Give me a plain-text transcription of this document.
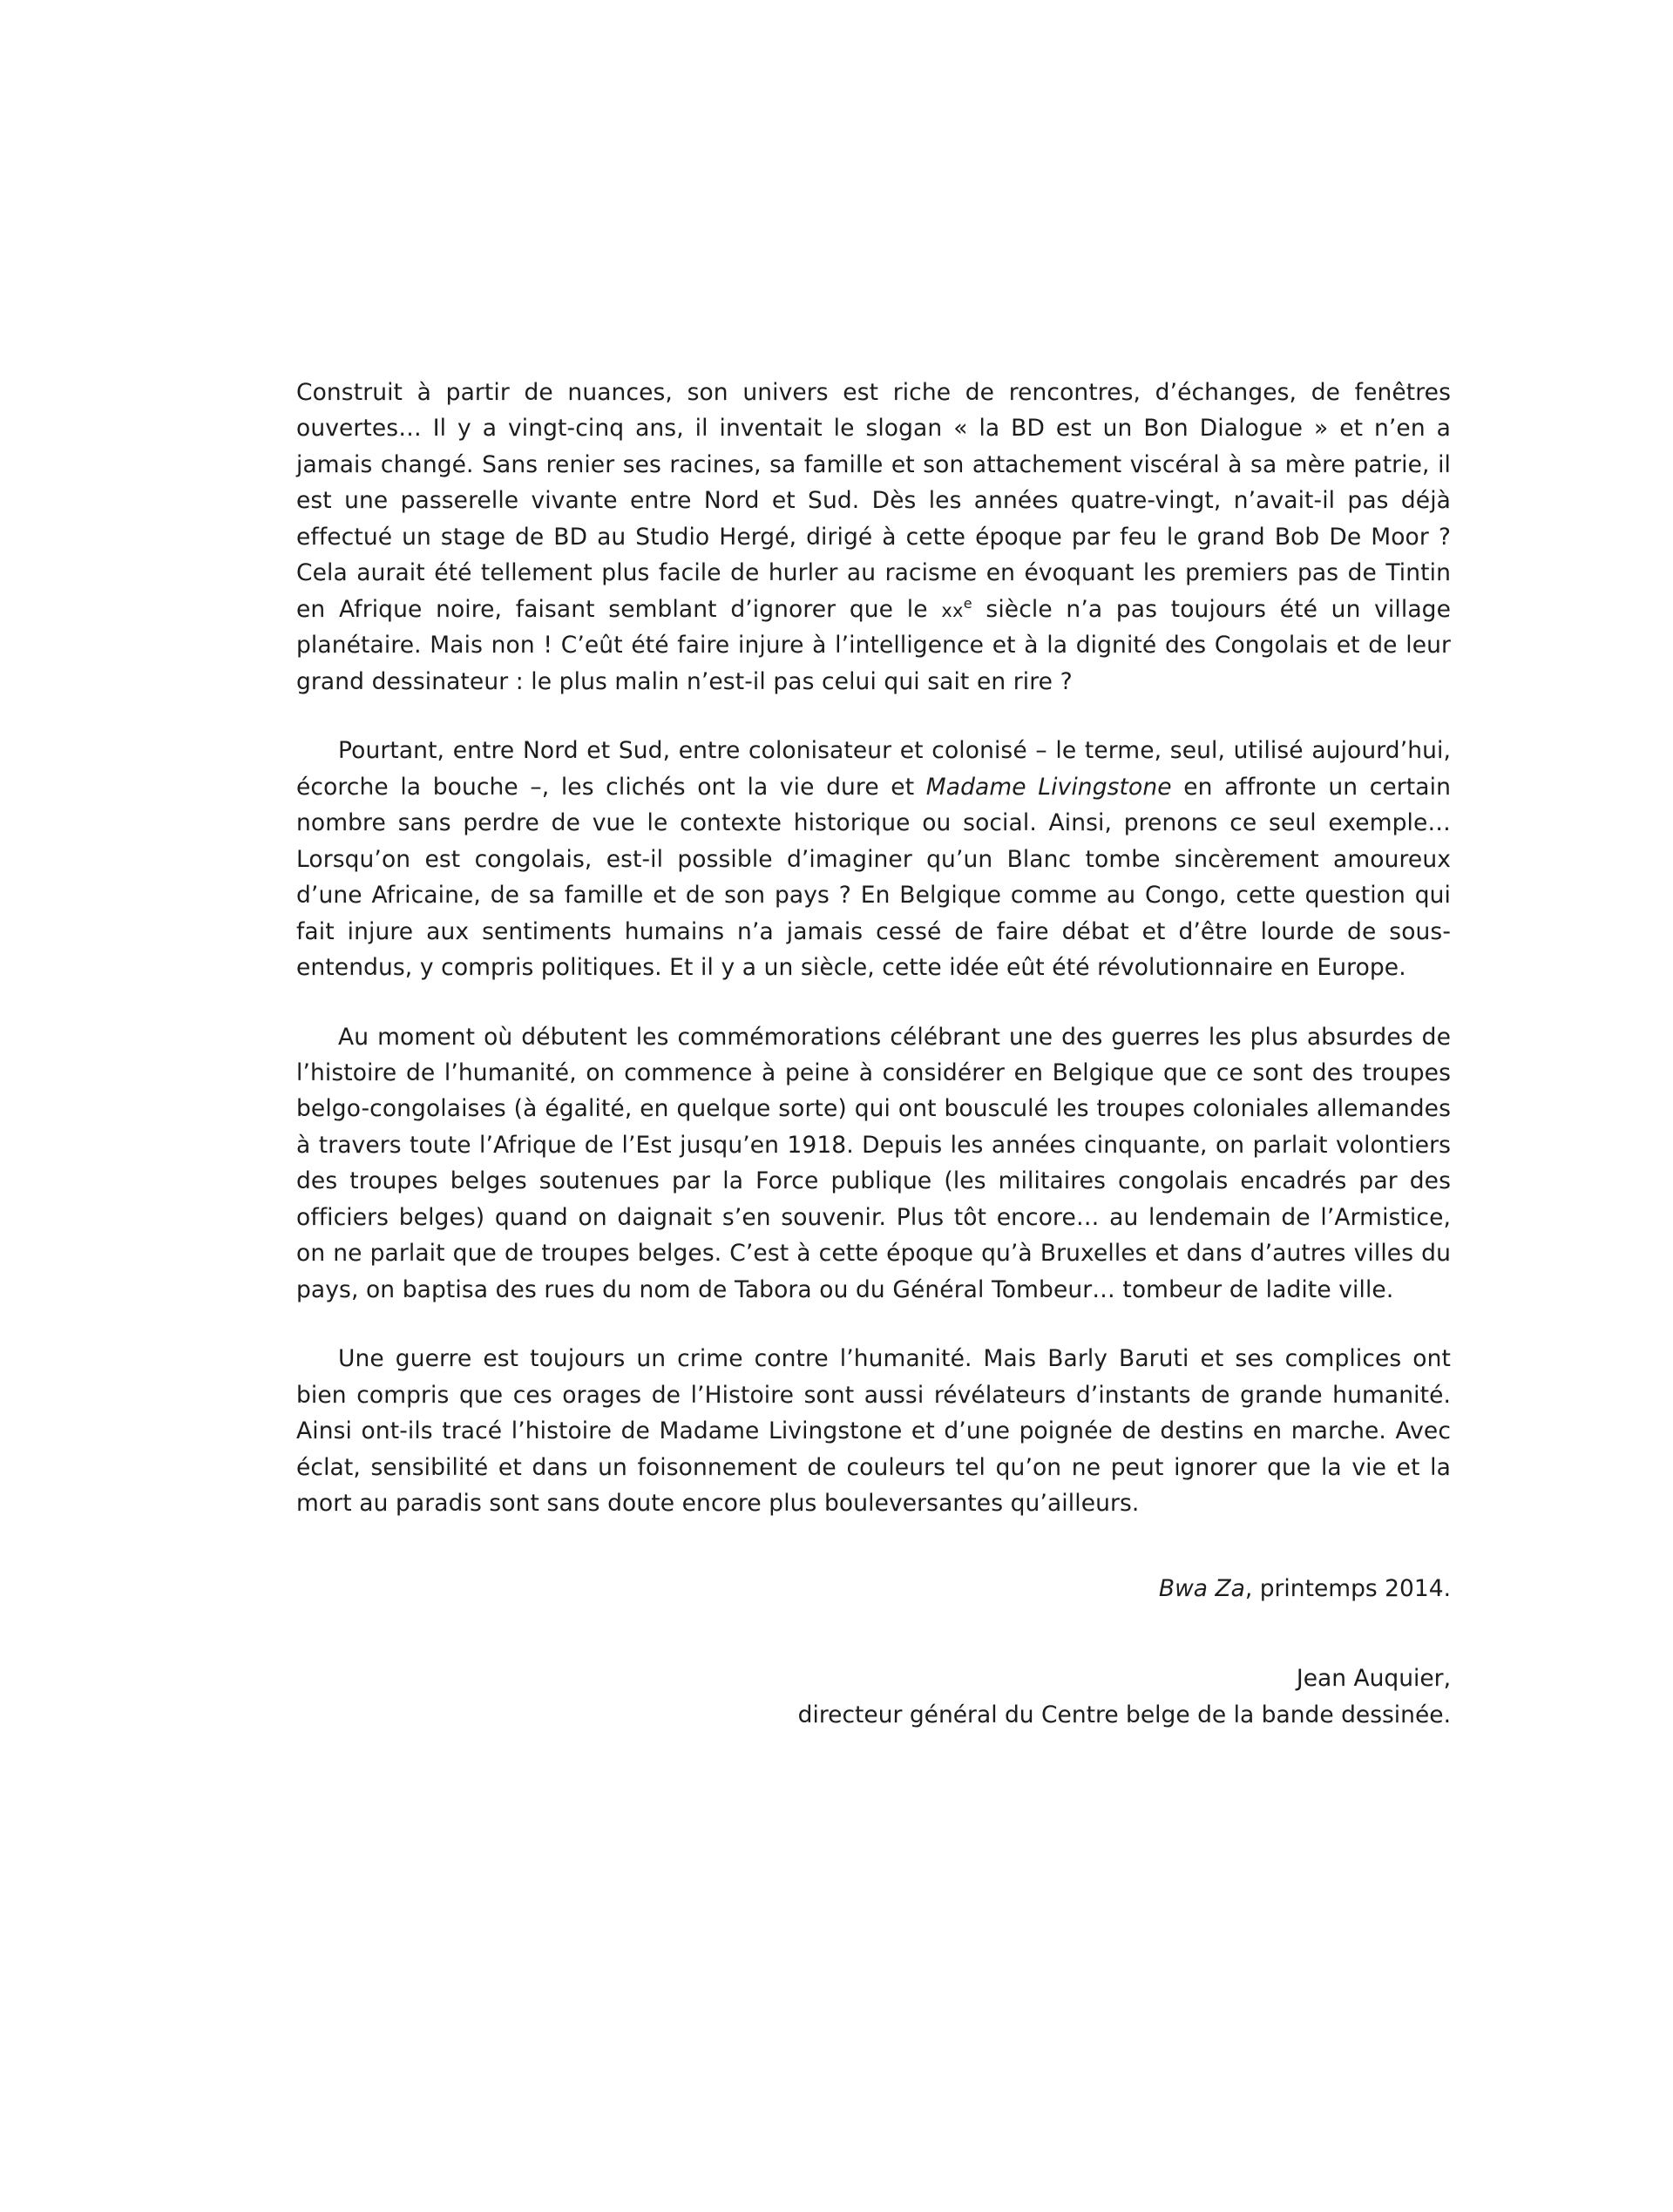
Construit à partir de nuances, son univers est riche de rencontres, d’échanges, de fenêtres ouvertes… Il y a vingt-cinq ans, il inventait le slogan « la BD est un Bon Dialogue » et n’en a jamais changé. Sans renier ses racines, sa famille et son attachement viscéral à sa mère patrie, il est une passerelle vivante entre Nord et Sud. Dès les années quatre-vingt, n’avait-il pas déjà effectué un stage de BD au Studio Hergé, dirigé à cette époque par feu le grand Bob De Moor ? Cela aurait été tellement plus facile de hurler au racisme en évoquant les premiers pas de Tintin en Afrique noire, faisant semblant d’ignorer que le $xx^e$ siècle n’a pas toujours été un village planétaire. Mais non ! C’eût été faire injure à l’intelligence et à la dignité des Congolais et de leur grand dessinateur : le plus malin n’est-il pas celui qui sait en rire ?

Pourtant, entre Nord et Sud, entre colonisateur et colonisé – le terme, seul, utilisé aujourd’hui, écorche la bouche –, les clichés ont la vie dure et Madame Livingstone en affronte un certain nombre sans perdre de vue le contexte historique ou social. Ainsi, prenons ce seul exemple… Lorsqu’on est congolais, est-il possible d’imaginer qu’un Blanc tombe sincèrement amoureux d’une Africaine, de sa famille et de son pays ? En Belgique comme au Congo, cette question qui fait injure aux sentiments humains n’a jamais cessé de faire débat et d’être lourde de sous-entendus, y compris politiques. Et il y a un siècle, cette idée eût été révolutionnaire en Europe.

Au moment où débutent les commémorations célébrant une des guerres les plus absurdes de l’histoire de l’humanité, on commence à peine à considérer en Belgique que ce sont des troupes belgo-congolaises (à égalité, en quelque sorte) qui ont bousculé les troupes coloniales allemandes à travers toute l’Afrique de l’Est jusqu’en 1918. Depuis les années cinquante, on parlait volontiers des troupes belges soutenues par la Force publique (les militaires congolais encadrés par des officiers belges) quand on daignait s’en souvenir. Plus tôt encore… au lendemain de l’Armistice, on ne parlait que de troupes belges. C’est à cette époque qu’à Bruxelles et dans d’autres villes du pays, on baptisa des rues du nom de Tabora ou du Général Tombeur… tombeur de ladite ville.

Une guerre est toujours un crime contre l’humanité. Mais Barly Baruti et ses complices ont bien compris que ces orages de l’Histoire sont aussi révélateurs d’instants de grande humanité. Ainsi ont-ils tracé l’histoire de Madame Livingstone et d’une poignée de destins en marche. Avec éclat, sensibilité et dans un foisonnement de couleurs tel qu’on ne peut ignorer que la vie et la mort au paradis sont sans doute encore plus bouleversantes qu’ailleurs.

Bwa Za, printemps 2014.

Jean Auquier,
directeur général du Centre belge de la bande dessinée.
